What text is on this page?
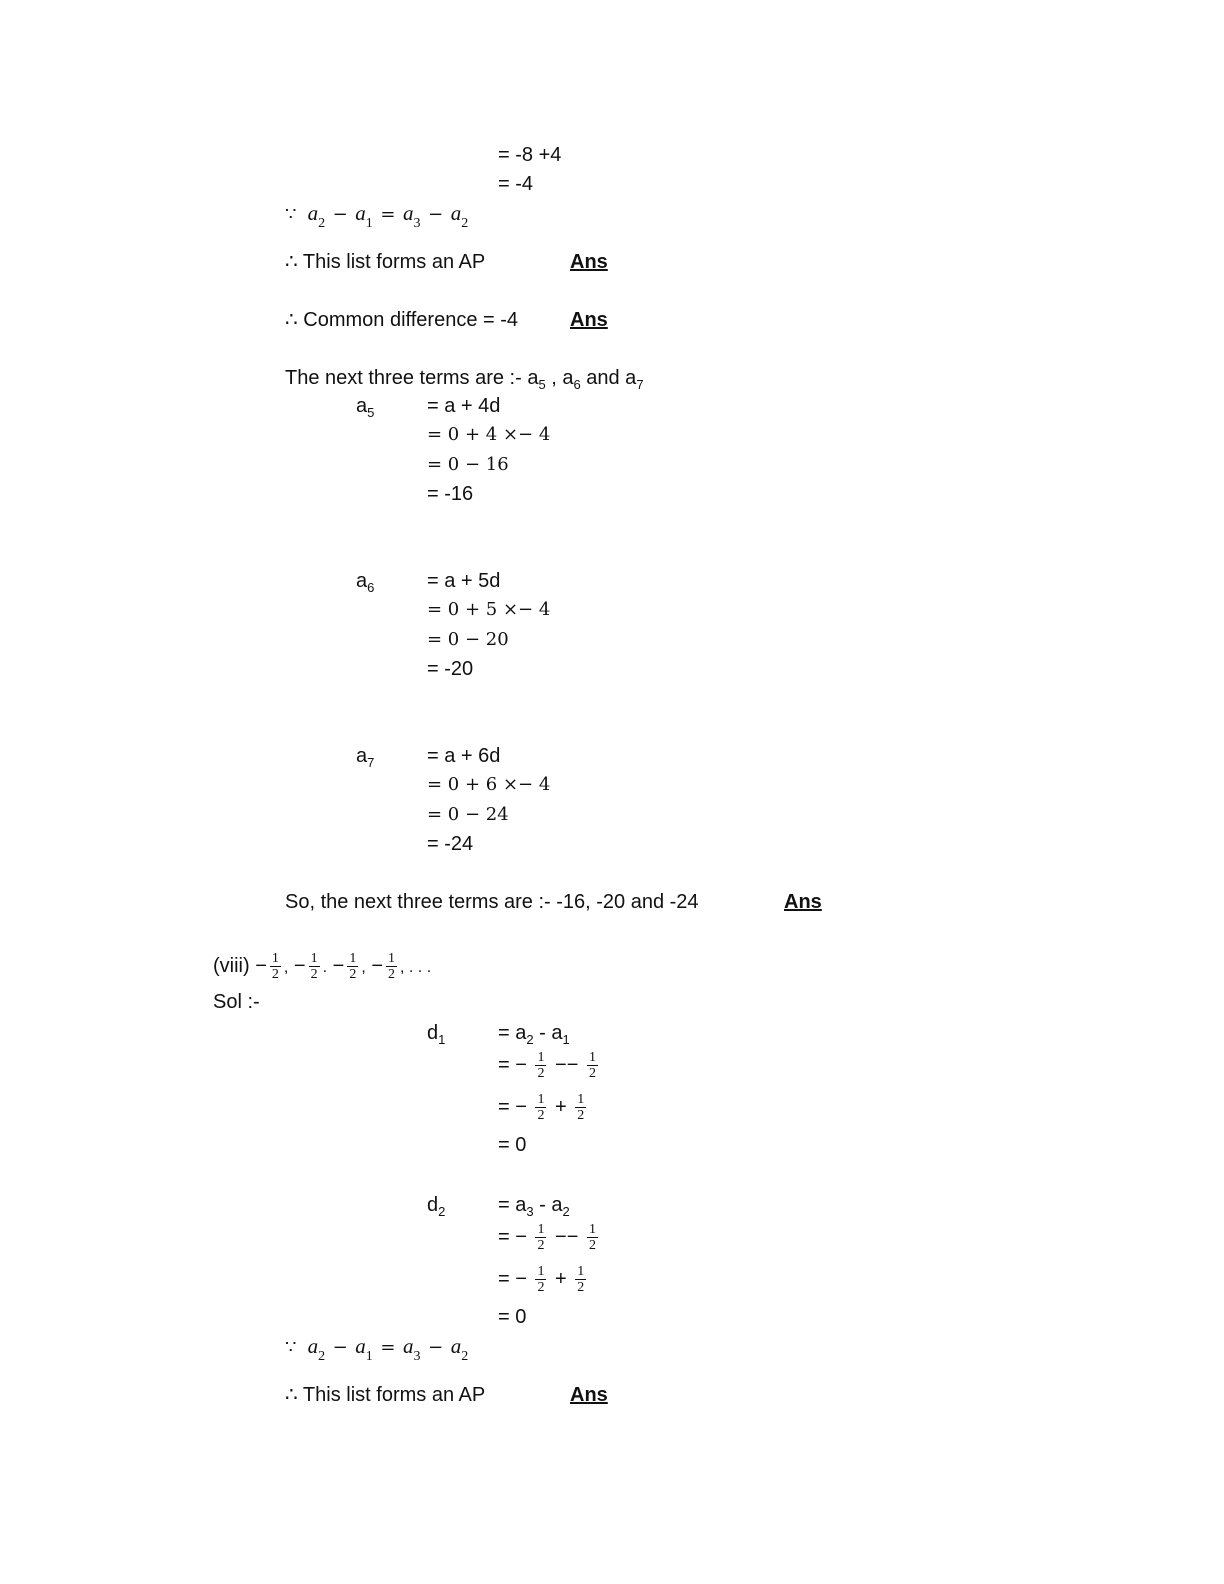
= -8 +4
= -4
∵ $a_2 - a_1 = a_3 - a_2$
∴ This list forms an AP	Ans
∴ Common difference = -4	Ans
The next three terms are :- $a_5$ , $a_6$ and $a_7$
$a_5$	= a + 4d
= 0 + 4 ×− 4
= 0 − 16
= -16
$a_6$	= a + 5d
= 0 + 5 ×− 4
= 0 − 20
= -20
$a_7$	= a + 6d
= 0 + 6 ×− 4
= 0 − 24
= -24
So, the next three terms are :- -16, -20 and -24	Ans
(viii) − $\frac{1}{2}$ , − $\frac{1}{2}$ . − $\frac{1}{2}$ , − $\frac{1}{2}$ , . . .
Sol :-
$d_1$	= $a_2 - a_1$
= − $\frac{1}{2} -- \frac{1}{2}$
= − $\frac{1}{2} + \frac{1}{2}$
= 0
$d_2$	= $a_3 - a_2$
= − $\frac{1}{2} -- \frac{1}{2}$
= − $\frac{1}{2} + \frac{1}{2}$
= 0
∵ $a_2 - a_1 = a_3 - a_2$
∴ This list forms an AP	Ans
